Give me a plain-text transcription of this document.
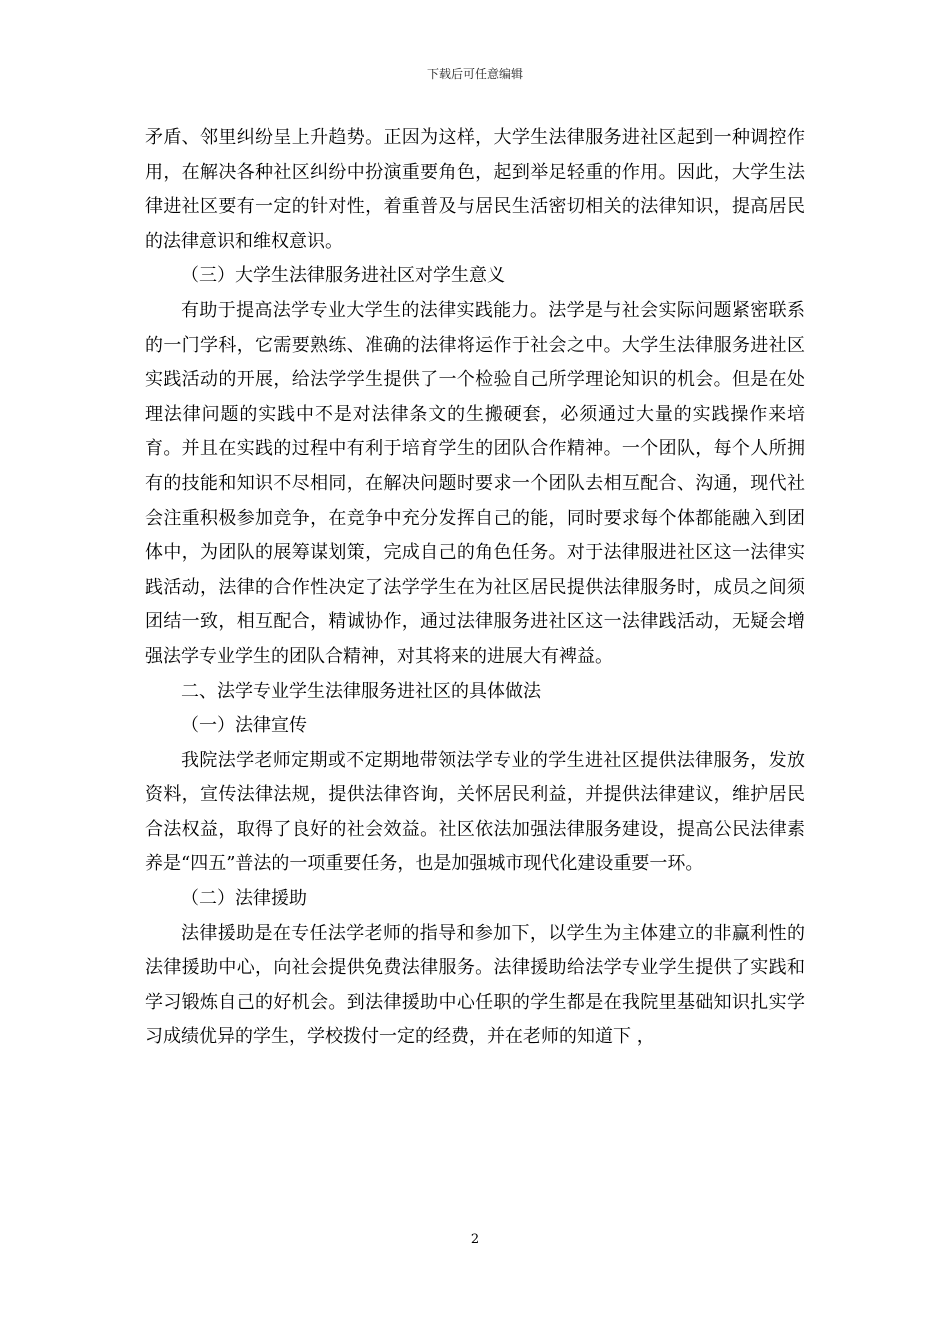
下载后可任意编辑

矛盾、邻里纠纷呈上升趋势。正因为这样，大学生法律服务进社区起到一种调控作用，在解决各种社区纠纷中扮演重要角色，起到举足轻重的作用。因此，大学生法律进社区要有一定的针对性，着重普及与居民生活密切相关的法律知识，提高居民的法律意识和维权意识。

（三）大学生法律服务进社区对学生意义

有助于提高法学专业大学生的法律实践能力。法学是与社会实际问题紧密联系的一门学科，它需要熟练、准确的法律将运作于社会之中。大学生法律服务进社区实践活动的开展，给法学学生提供了一个检验自己所学理论知识的机会。但是在处理法律问题的实践中不是对法律条文的生搬硬套，必须通过大量的实践操作来培育。并且在实践的过程中有利于培育学生的团队合作精神。一个团队，每个人所拥有的技能和知识不尽相同，在解决问题时要求一个团队去相互配合、沟通，现代社会注重积极参加竞争，在竞争中充分发挥自己的能，同时要求每个体都能融入到团体中，为团队的展筹谋划策，完成自己的角色任务。对于法律服进社区这一法律实践活动，法律的合作性决定了法学学生在为社区居民提供法律服务时，成员之间须团结一致，相互配合，精诚协作，通过法律服务进社区这一法律践活动，无疑会增强法学专业学生的团队合精神，对其将来的进展大有裨益。

二、法学专业学生法律服务进社区的具体做法

（一）法律宣传

我院法学老师定期或不定期地带领法学专业的学生进社区提供法律服务，发放资料，宣传法律法规，提供法律咨询，关怀居民利益，并提供法律建议，维护居民合法权益，取得了良好的社会效益。社区依法加强法律服务建设，提高公民法律素养是“四五”普法的一项重要任务，也是加强城市现代化建设重要一环。

（二）法律援助

法律援助是在专任法学老师的指导和参加下，以学生为主体建立的非赢利性的法律援助中心，向社会提供免费法律服务。法律援助给法学专业学生提供了实践和学习锻炼自己的好机会。到法律援助中心任职的学生都是在我院里基础知识扎实学习成绩优异的学生，学校拨付一定的经费，并在老师的知道下 ，

2
